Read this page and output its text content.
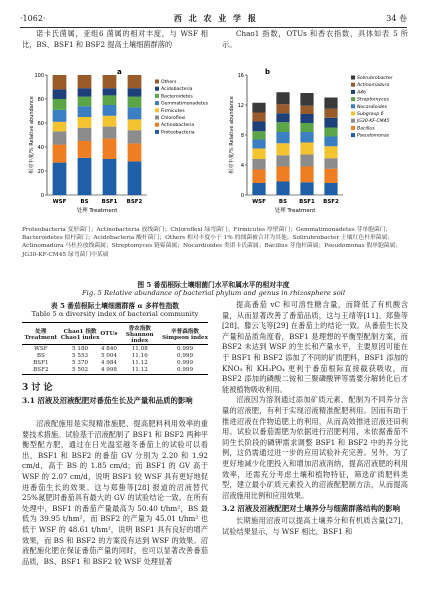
·1062·	西 北 农 业 学 报	34 卷

诺卡氏菌属，亚组6 菌属的相对丰度，与 WSF 相比，BS、BSF1 和 BSF2 提高土壤细菌群落的

Chao1 指数，OTUs 和香农指数，具体如表 5 所示。

a	b
0
20
40
60
80
100
WSF	BS BSF1 BSF2
处理 Treatment
相对丰度/% Relative abundance
Others
Acidobacteria
Bacteroidetes
Gemmatimonadetes
Firmicutes
Chloroflexi
Actinobacteria
Proteobacteria
0
4
8
12
16
WSF BS BSF1 BSF2
处理 Treatment
相对丰度/% Relative abundance
Solirubrobacter
Actinomadura
A4b
Streptomyces
Nocardioides
Subgroup 6
JG30-KF-CM45
Bacillus
Pseudomonas
Proteobacteria 变形菌门；Actinobacteria 放线菌门；Chloroflexi 绿弯菌门；Firmicutes 厚壁菌门；Gemmatimonadetes 芽单胞菌门；Bacteroidetes 拟杆菌门；Acidobacteria 酸杆菌门；Others 相对丰度小于 1% 的细菌被合并为其他。Solirubrobacter 土壤红色杆形菌属；Actinomadura 马杜拉放线菌属；Streptomyces 链霉菌属；Nocardioides 类诺卡氏菌属；Bacillus 芽孢杆菌属；Pseudomonas 假单胞菌属；JG30-KF-CM45 绿弯菌门中某属
图 5 番茄根际土壤细菌门水平和属水平的相对丰度
Fig. 5 Relative abundance of bacterial phylum and genus in rhizosphere soil
表 5 番茄根际土壤细菌群落 α 多样性指数
Table 5 α diversity index of bacterial community
处理 Treatment	Chao1 指数 Chao1 index	OTUs	香农指数 Shannon index	辛普森指数 Simpson index
WSF	5 180	4 840	11.08	0.999
BS	5 553	5 004	11.16	0.999
BSF1	5 370	4 984	11.12	0.999
BSF2	5 502	4 998	11.12	0.999
3 讨 论
3.1 沼液及沼液配肥对番茄生长及产量和品质的影响

沼液配施用是实现精准施肥、提高肥料利用效率的重要技术措施。试验基于沼液配制了 BSF1 和 BSF2 两种平衡型配方肥，通过在日光温室越冬番茄上的试验可以看出，BSF1 和 BSF2 的番茄 GV 分别为 2.20 和 1.92 cm/d，高于 BS 的 1.85 cm/d；而 BSF1 的 GV 高于 WSF 的 2.07 cm/d，说明 BSF1 较 WSF 具有更好地促进番茄生长的效果。这与郑蛰等[28] 报道的沼液替代 25%氮肥时番茄具有最大的 GV 的试验结论一致。在所有处理中，BSF1 的番茄产量最高为 50.40 t/hm²，BS 最低为 39.95 t/hm²，而 BSF2 的产量为 45.01 t/hm² 也低于 WSF 的 48.61 t/hm²，说明 BSF1 具有良好的增产效果，而 BS 和 BSF2 的方案没有达到 WSF 的效果。沼液配施化肥在保证番茄产量的同时，也可以显著改善番茄品质，BS、BSF1 和 BSF2 较 WSF 处理显著

提高番茄 vC 和可溶性糖含量，而降低了有机酸含量，从而显著改善了番茄品质，这与王靖等[11]、郑蛰等[28]、滕云飞等[29] 在番茄上的结论一致。从番茄生长及产量和品质角度看，BSF1 是理想的平衡型配制方案，而 BSF2 未达到 WSF 的生长和产量水平，主要原因可能在于 BSF1 和 BSF2 添加了不同的矿质肥料，BSF1 添加的 KNO₃ 和 KH₂PO₄ 更利于番茄根际直接截获吸收，而 BSF2 添加的磷酸二铵和三聚磷酸钾等需要分解转化后才能被植物吸收利用。

沼液因为溶剂通过添加矿质元素，配制为不同养分含量的沼液肥，有利于实现沼液精准配肥利用。因而有助于推进沼液在作物追肥上的利用，从而高效推进沼液还田利用。试验以番茄需肥为依据进行沼肥利用，未依据番茄不同生长阶段的磷钾需求调整 BSF1 和 BSF2 中的养分比例，这仍需通过进一步的应用试验补充完善。另外，为了更好地减少化肥投入和增加沼液消纳，提高沼液肥的利用效率，还需充分考虑土壤和植物特征，筛选矿质肥料类型，建立最小矿质元素投入的沼液配肥制方法，从而提高沼液施用比例和应用效果。

3.2 沼液及沼液配肥对土壤养分与细菌群落结构的影响

长期施用沼液可以提高土壤养分和有机质含量[27]，试验结果显示，与 WSF 相比，BSF1 和
